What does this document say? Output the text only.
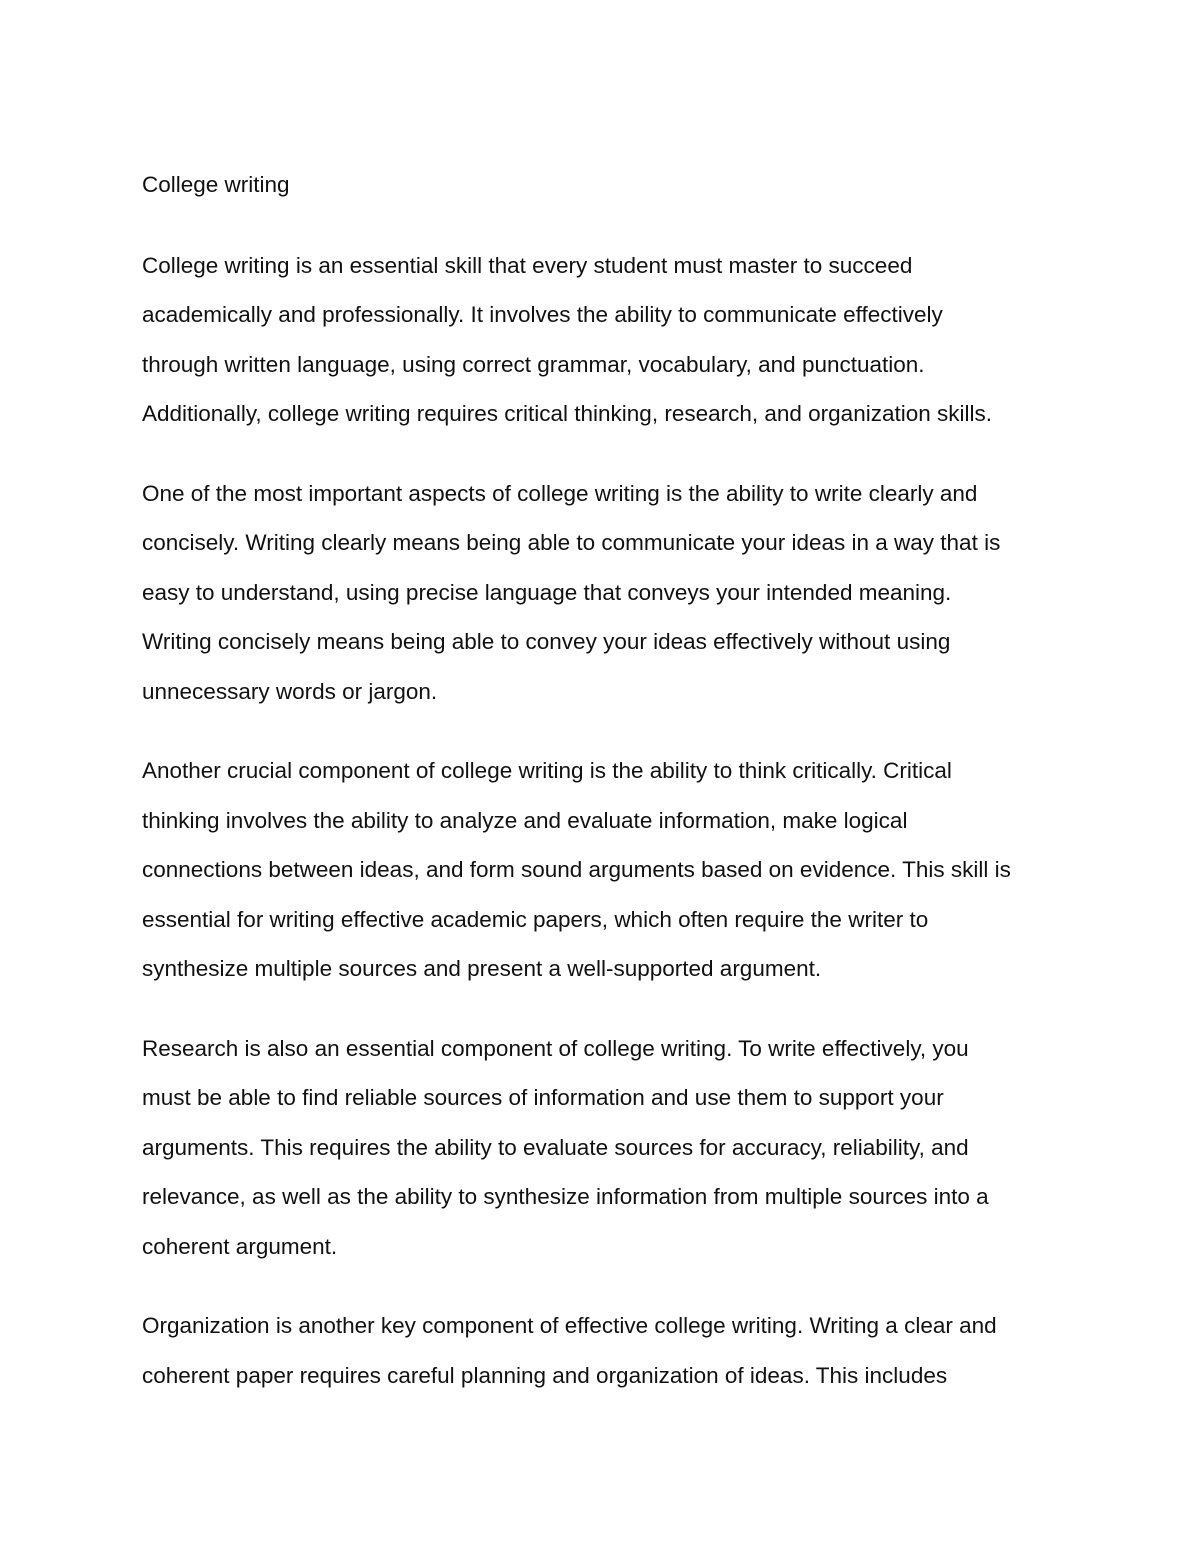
College writing
College writing is an essential skill that every student must master to succeed
academically and professionally. It involves the ability to communicate effectively
through written language, using correct grammar, vocabulary, and punctuation.
Additionally, college writing requires critical thinking, research, and organization skills.
One of the most important aspects of college writing is the ability to write clearly and
concisely. Writing clearly means being able to communicate your ideas in a way that is
easy to understand, using precise language that conveys your intended meaning.
Writing concisely means being able to convey your ideas effectively without using
unnecessary words or jargon.
Another crucial component of college writing is the ability to think critically. Critical
thinking involves the ability to analyze and evaluate information, make logical
connections between ideas, and form sound arguments based on evidence. This skill is
essential for writing effective academic papers, which often require the writer to
synthesize multiple sources and present a well-supported argument.
Research is also an essential component of college writing. To write effectively, you
must be able to find reliable sources of information and use them to support your
arguments. This requires the ability to evaluate sources for accuracy, reliability, and
relevance, as well as the ability to synthesize information from multiple sources into a
coherent argument.
Organization is another key component of effective college writing. Writing a clear and
coherent paper requires careful planning and organization of ideas. This includes
